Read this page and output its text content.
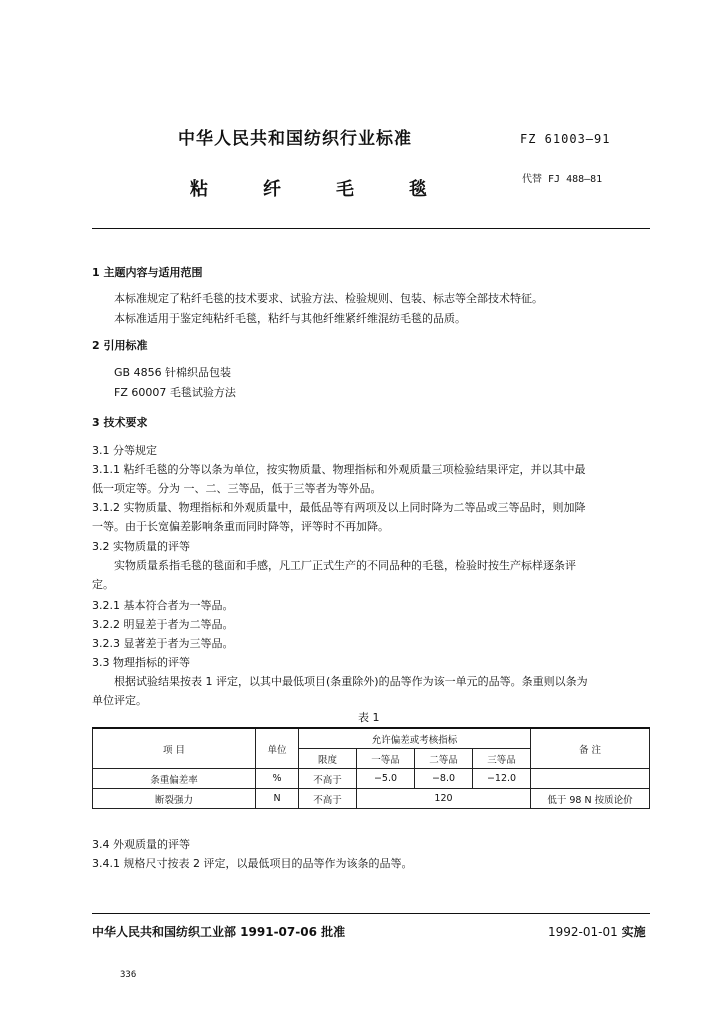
中华人民共和国纺织行业标准	FZ 61003—91
粘纤毛毯	代替 FJ 488—81
1 主题内容与适用范围
本标准规定了粘纤毛毯的技术要求、试验方法、检验规则、包装、标志等全部技术特征。
本标准适用于鉴定纯粘纤毛毯，粘纤与其他纤维紧纤维混纺毛毯的品质。
2 引用标准
GB 4856 针棉织品包装
FZ 60007 毛毯试验方法
3 技术要求
3.1 分等规定
3.1.1 粘纤毛毯的分等以条为单位，按实物质量、物理指标和外观质量三项检验结果评定，并以其中最
低一项定等。分为 一、二、三等品，低于三等者为等外品。
3.1.2 实物质量、物理指标和外观质量中，最低品等有两项及以上同时降为二等品或三等品时，则加降
一等。由于长宽偏差影响条重而同时降等，评等时不再加降。
3.2 实物质量的评等
实物质量系指毛毯的毯面和手感，凡工厂正式生产的不同品种的毛毯，检验时按生产标样逐条评
定。
3.2.1 基本符合者为一等品。
3.2.2 明显差于者为二等品。
3.2.3 显著差于者为三等品。
3.3 物理指标的评等
根据试验结果按表 1 评定，以其中最低项目(条重除外)的品等作为该一单元的品等。条重则以条为
单位评定。
表 1
项 目	单位	允许偏差或考核指标				备 注
		限度	一等品	二等品	三等品	
条重偏差率	%	不高于	−5.0	−8.0	−12.0	
断裂强力	N	不高于	120			低于 98 N 按质论价
3.4 外观质量的评等
3.4.1 规格尺寸按表 2 评定，以最低项目的品等作为该条的品等。
中华人民共和国纺织工业部 1991-07-06 批准	1992-01-01 实施
336
